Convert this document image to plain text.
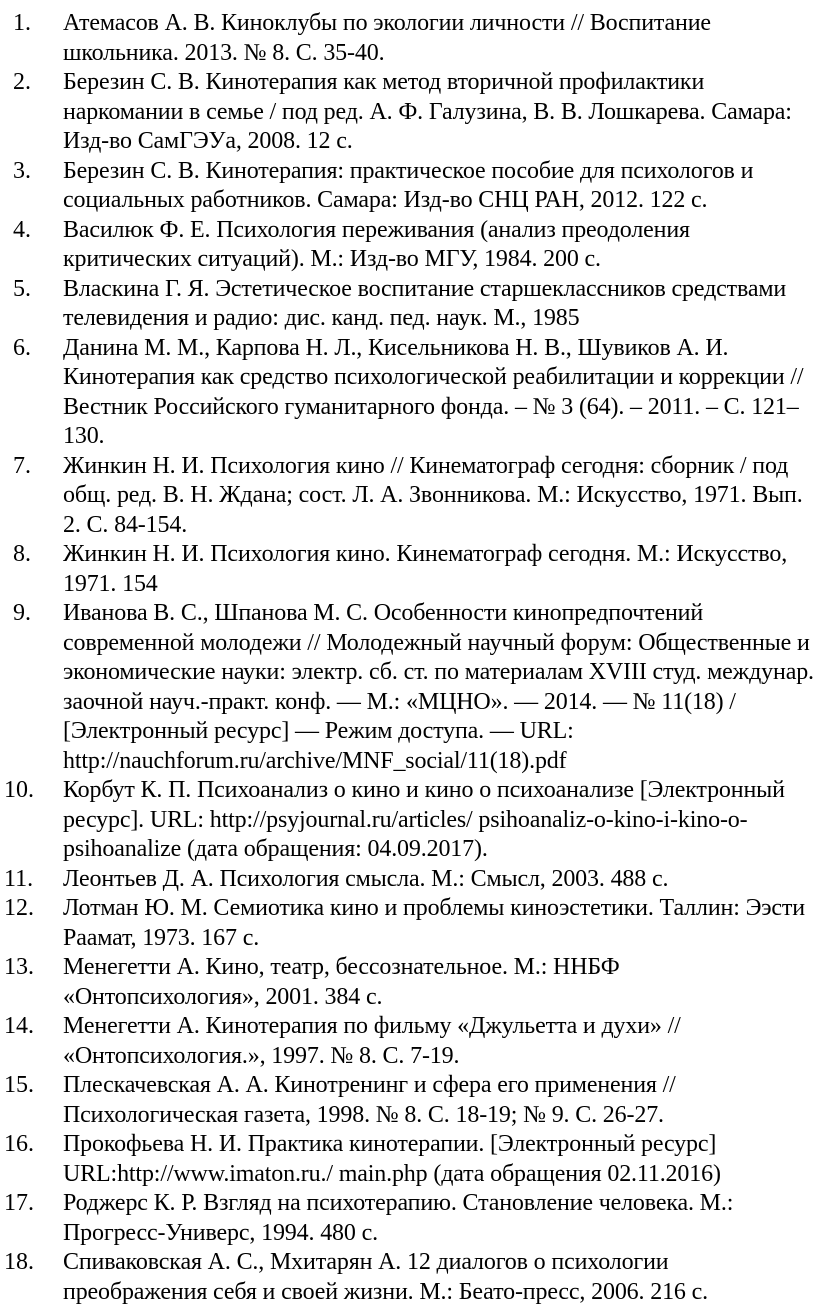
1. Атемасов А. В. Киноклубы по экологии личности // Воспитание школьника. 2013. № 8. С. 35-40.
2. Березин С. В. Кинотерапия как метод вторичной профилактики наркомании в семье / под ред. А. Ф. Галузина, В. В. Лошкарева. Самара: Изд-во СамГЭУа, 2008. 12 с.
3. Березин С. В. Кинотерапия: практическое пособие для психологов и социальных работников. Самара: Изд-во СНЦ РАН, 2012. 122 с.
4. Василюк Ф. Е. Психология переживания (анализ преодоления критических ситуаций). М.: Изд-во МГУ, 1984. 200 с.
5. Власкина Г. Я. Эстетическое воспитание старшеклассников средствами телевидения и радио: дис. канд. пед. наук. М., 1985
6. Данина М. М., Карпова Н. Л., Кисельникова Н. В., Шувиков А. И. Кинотерапия как средство психологической реабилитации и коррекции // Вестник Российского гуманитарного фонда. – № 3 (64). – 2011. – С. 121–130.
7. Жинкин Н. И. Психология кино // Кинематограф сегодня: сборник / под общ. ред. В. Н. Ждана; сост. Л. А. Звонникова. М.: Искусство, 1971. Вып. 2. С. 84-154.
8. Жинкин Н. И. Психология кино. Кинематограф сегодня. М.: Искусство, 1971. 154
9. Иванова В. С., Шпанова М. С. Особенности кинопредпочтений современной молодежи // Молодежный научный форум: Общественные и экономические науки: электр. сб. ст. по материалам XVIII студ. междунар. заочной науч.-практ. конф. — М.: «МЦНО». — 2014. — № 11(18) / [Электронный ресурс] — Режим доступа. — URL: http://nauchforum.ru/archive/MNF_social/11(18).pdf
10. Корбут К. П. Психоанализ о кино и кино о психоанализе [Электронный ресурс]. URL: http://psyjournal.ru/articles/ psihoanaliz-o-kino-i-kino-o-psihoanalize (дата обращения: 04.09.2017).
11. Леонтьев Д. А. Психология смысла. М.: Смысл, 2003. 488 с.
12. Лотман Ю. М. Семиотика кино и проблемы киноэстетики. Таллин: Ээсти Раамат, 1973. 167 с.
13. Менегетти А. Кино, театр, бессознательное. М.: ННБФ «Онтопсихология», 2001. 384 с.
14. Менегетти А. Кинотерапия по фильму «Джульетта и духи» // «Онтопсихология.», 1997. № 8. С. 7-19.
15. Плескачевская А. А. Кинотренинг и сфера его применения // Психологическая газета, 1998. № 8. С. 18-19; № 9. С. 26-27.
16. Прокофьева Н. И. Практика кинотерапии. [Электронный ресурс] URL:http://www.imaton.ru./ main.php (дата обращения 02.11.2016)
17. Роджерс К. Р. Взгляд на психотерапию. Становление человека. М.: Прогресс-Универс, 1994. 480 с.
18. Спиваковская А. С., Мхитарян А. 12 диалогов о психологии преображения себя и своей жизни. М.: Беато-пресс, 2006. 216 с.
